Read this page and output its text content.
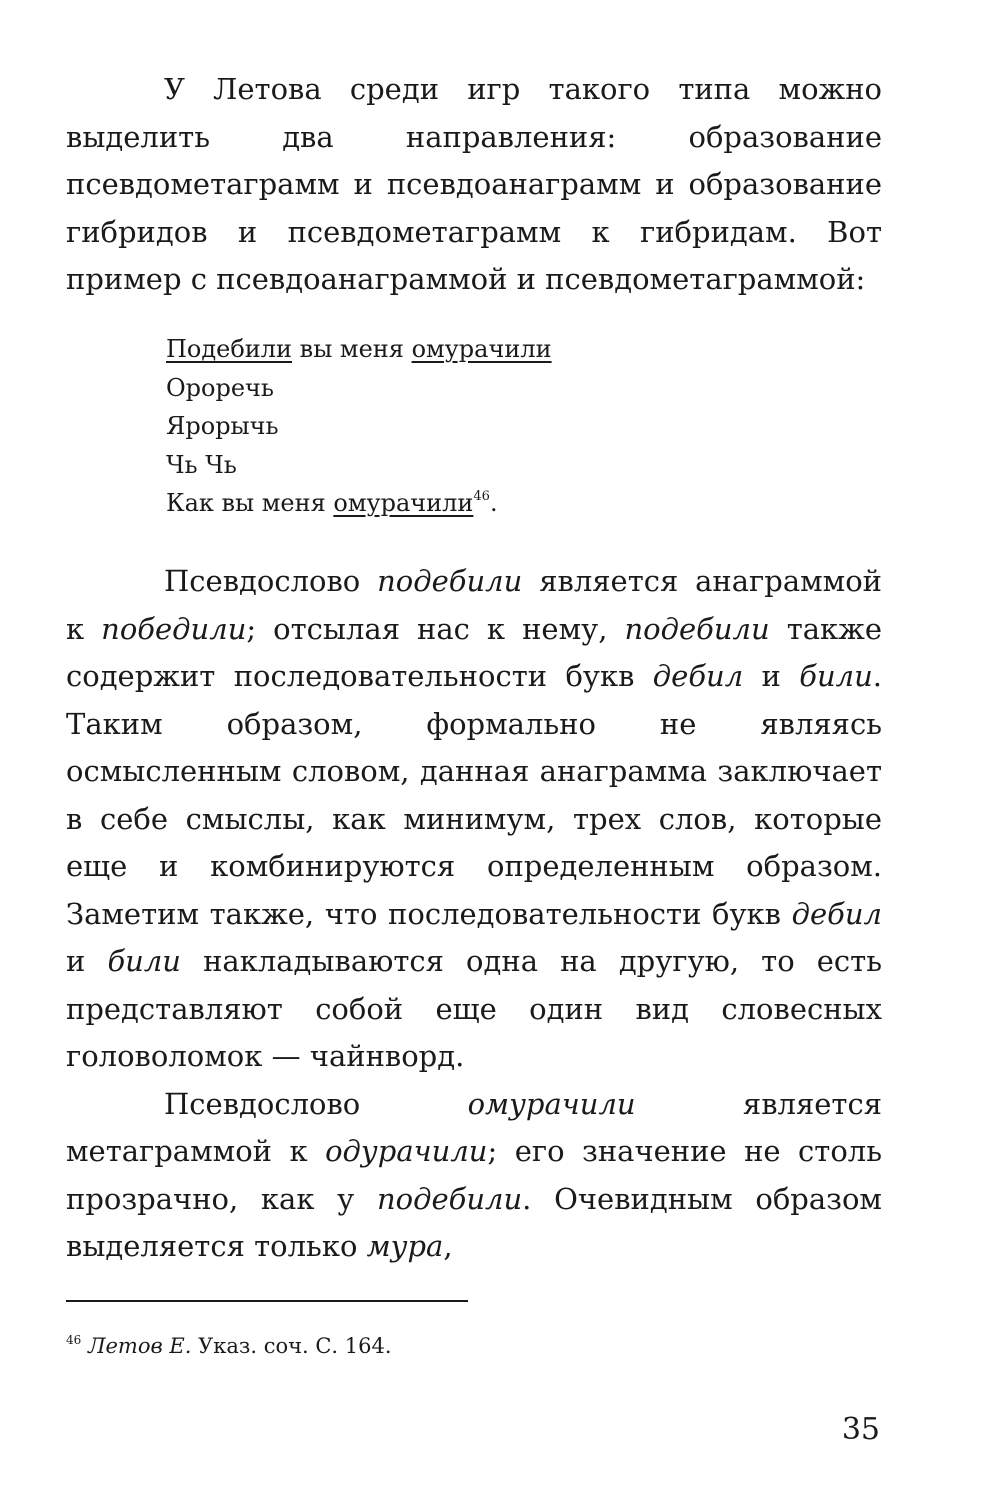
У Летова среди игр такого типа можно выделить два направления: образование псевдометаграмм и псевдоанаграмм и образование гибридов и псевдометаграмм к гибридам. Вот пример с псевдоанаграммой и псевдометаграммой:

Подебили вы меня омурачили
Ороречь
Ярорычь
Чь Чь
Как вы меня омурачили$^{46}$.

Псевдослово подебили является анаграммой к победили; отсылая нас к нему, подебили также содержит последовательности букв дебил и били. Таким образом, формально не являясь осмысленным словом, данная анаграмма заключает в себе смыслы, как минимум, трех слов, которые еще и комбинируются определенным образом. Заметим также, что последовательности букв дебил и били накладываются одна на другую, то есть представляют собой еще один вид словесных головоломок — чайнворд.

Псевдослово омурачили является метаграммой к одурачили; его значение не столь прозрачно, как у подебили. Очевидным образом выделяется только мура,

$^{46}$ Летов Е. Указ. соч. С. 164.
35
